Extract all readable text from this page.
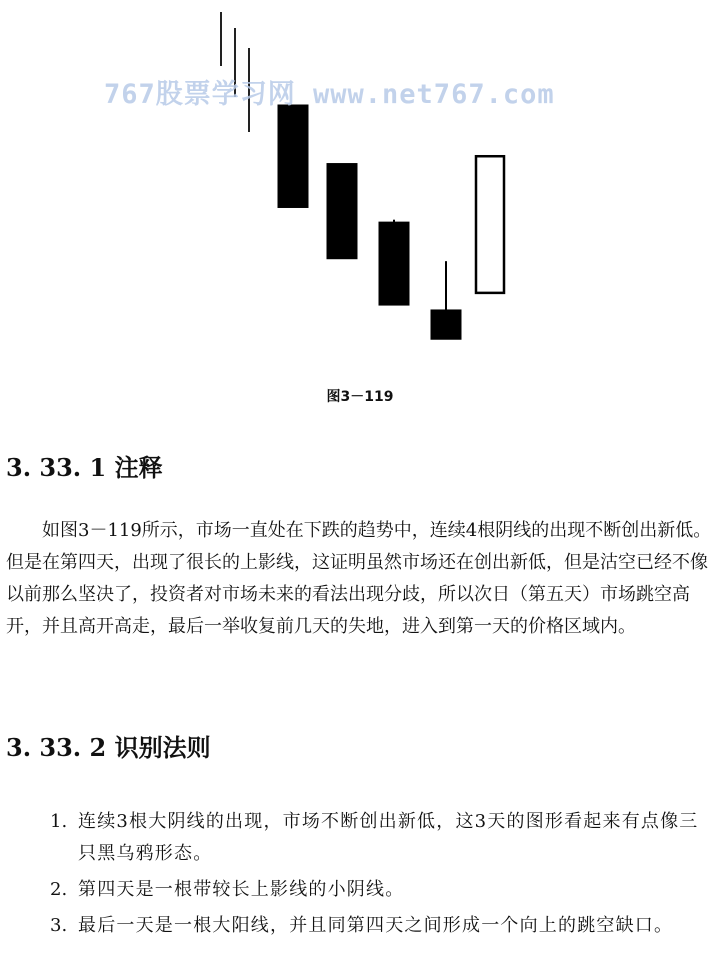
767股票学习网 www.net767.com
图3－119
3. 33. 1 注释

如图3－119所示，市场一直处在下跌的趋势中，连续4根阴线的出现不断创出新低。但是在第四天，出现了很长的上影线，这证明虽然市场还在创出新低，但是沽空已经不像以前那么坚决了，投资者对市场未来的看法出现分歧，所以次日（第五天）市场跳空高开，并且高开高走，最后一举收复前几天的失地，进入到第一天的价格区域内。

3. 33. 2 识别法则
1. 连续3根大阴线的出现，市场不断创出新低，这3天的图形看起来有点像三只黑乌鸦形态。
2. 第四天是一根带较长上影线的小阴线。
3. 最后一天是一根大阳线，并且同第四天之间形成一个向上的跳空缺口。
